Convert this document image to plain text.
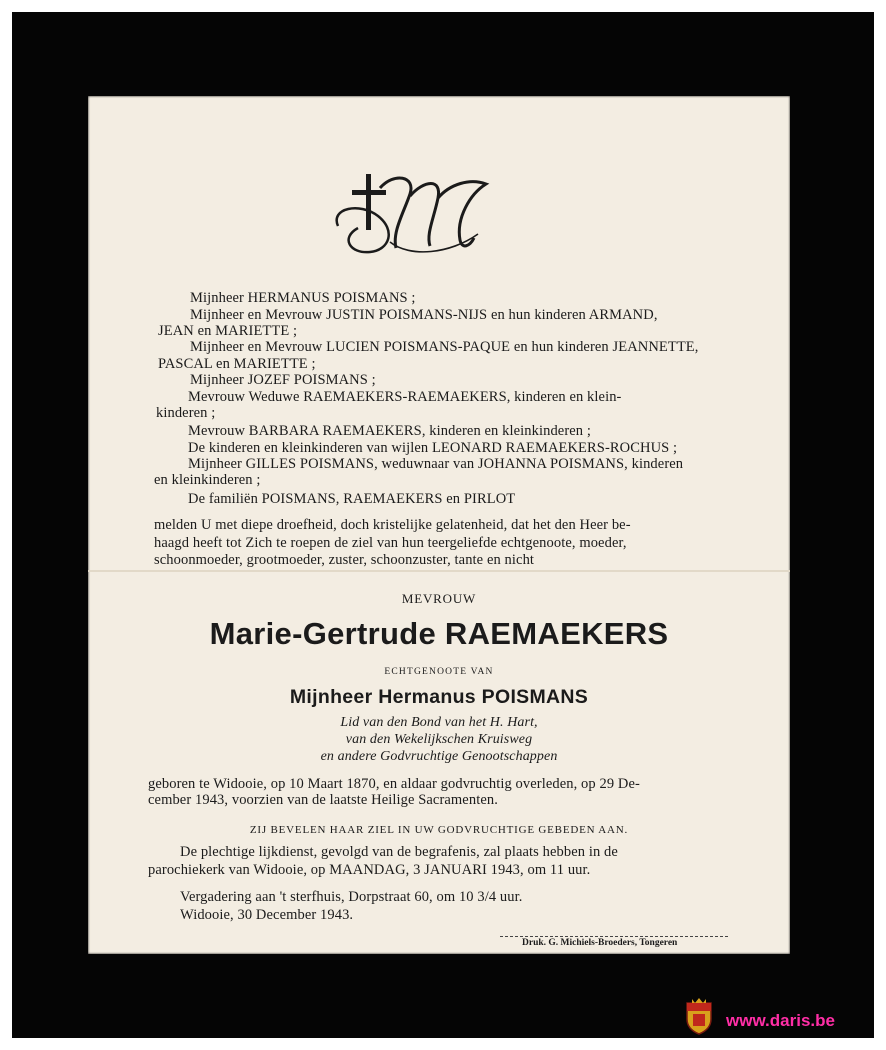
Mijnheer HERMANUS POISMANS ;
Mijnheer en Mevrouw JUSTIN POISMANS-NIJS en hun kinderen ARMAND,
JEAN en MARIETTE ;
Mijnheer en Mevrouw LUCIEN POISMANS-PAQUE en hun kinderen JEANNETTE,
PASCAL en MARIETTE ;
Mijnheer JOZEF POISMANS ;
Mevrouw Weduwe RAEMAEKERS-RAEMAEKERS, kinderen en klein-
kinderen ;
Mevrouw BARBARA RAEMAEKERS, kinderen en kleinkinderen ;
De kinderen en kleinkinderen van wijlen LEONARD RAEMAEKERS-ROCHUS ;
Mijnheer GILLES POISMANS, weduwnaar van JOHANNA POISMANS, kinderen
en kleinkinderen ;
De familiën POISMANS, RAEMAEKERS en PIRLOT
melden U met diepe droefheid, doch kristelijke gelatenheid, dat het den Heer be-
haagd heeft tot Zich te roepen de ziel van hun teergeliefde echtgenoote, moeder,
schoonmoeder, grootmoeder, zuster, schoonzuster, tante en nicht
MEVROUW
Marie-Gertrude RAEMAEKERS
ECHTGENOOTE VAN
Mijnheer Hermanus POISMANS
Lid van den Bond van het H. Hart,
van den Wekelijkschen Kruisweg
en andere Godvruchtige Genootschappen
geboren te Widooie, op 10 Maart 1870, en aldaar godvruchtig overleden, op 29 De-
cember 1943, voorzien van de laatste Heilige Sacramenten.
ZIJ BEVELEN HAAR ZIEL IN UW GODVRUCHTIGE GEBEDEN AAN.
De plechtige lijkdienst, gevolgd van de begrafenis, zal plaats hebben in de
parochiekerk van Widooie, op MAANDAG, 3 JANUARI 1943, om 11 uur.
Vergadering aan 't sterfhuis, Dorpstraat 60, om 10 3/4 uur.
Widooie, 30 December 1943.
Druk. G. Michiels-Broeders, Tongeren
www.daris.be
